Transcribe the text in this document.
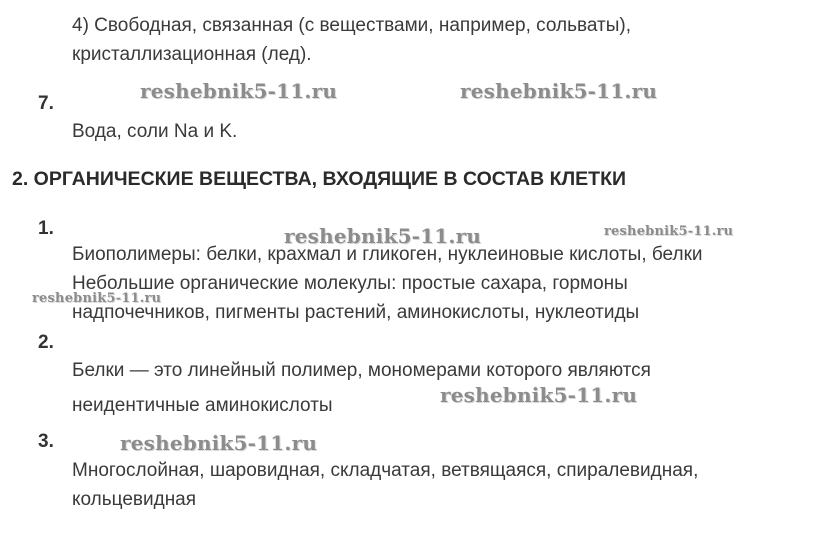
4) Свободная, связанная (с веществами, например, сольваты),
кристаллизационная (лед).
7.
Вода, соли Na и K.
2. ОРГАНИЧЕСКИЕ ВЕЩЕСТВА, ВХОДЯЩИЕ В СОСТАВ КЛЕТКИ
1.
Биополимеры: белки, крахмал и гликоген, нуклеиновые кислоты, белки
Небольшие органические молекулы: простые сахара, гормоны
надпочечников, пигменты растений, аминокислоты, нуклеотиды
2.
Белки — это линейный полимер, мономерами которого являются
неидентичные аминокислоты
3.
Многослойная, шаровидная, складчатая, ветвящаяся, спиралевидная,
кольцевидная
reshebnik5-11.ru	reshebnik5-11.ru
reshebnik5-11.ru	reshebnik5-11.ru
reshebnik5-11.ru
reshebnik5-11.ru
reshebnik5-11.ru
